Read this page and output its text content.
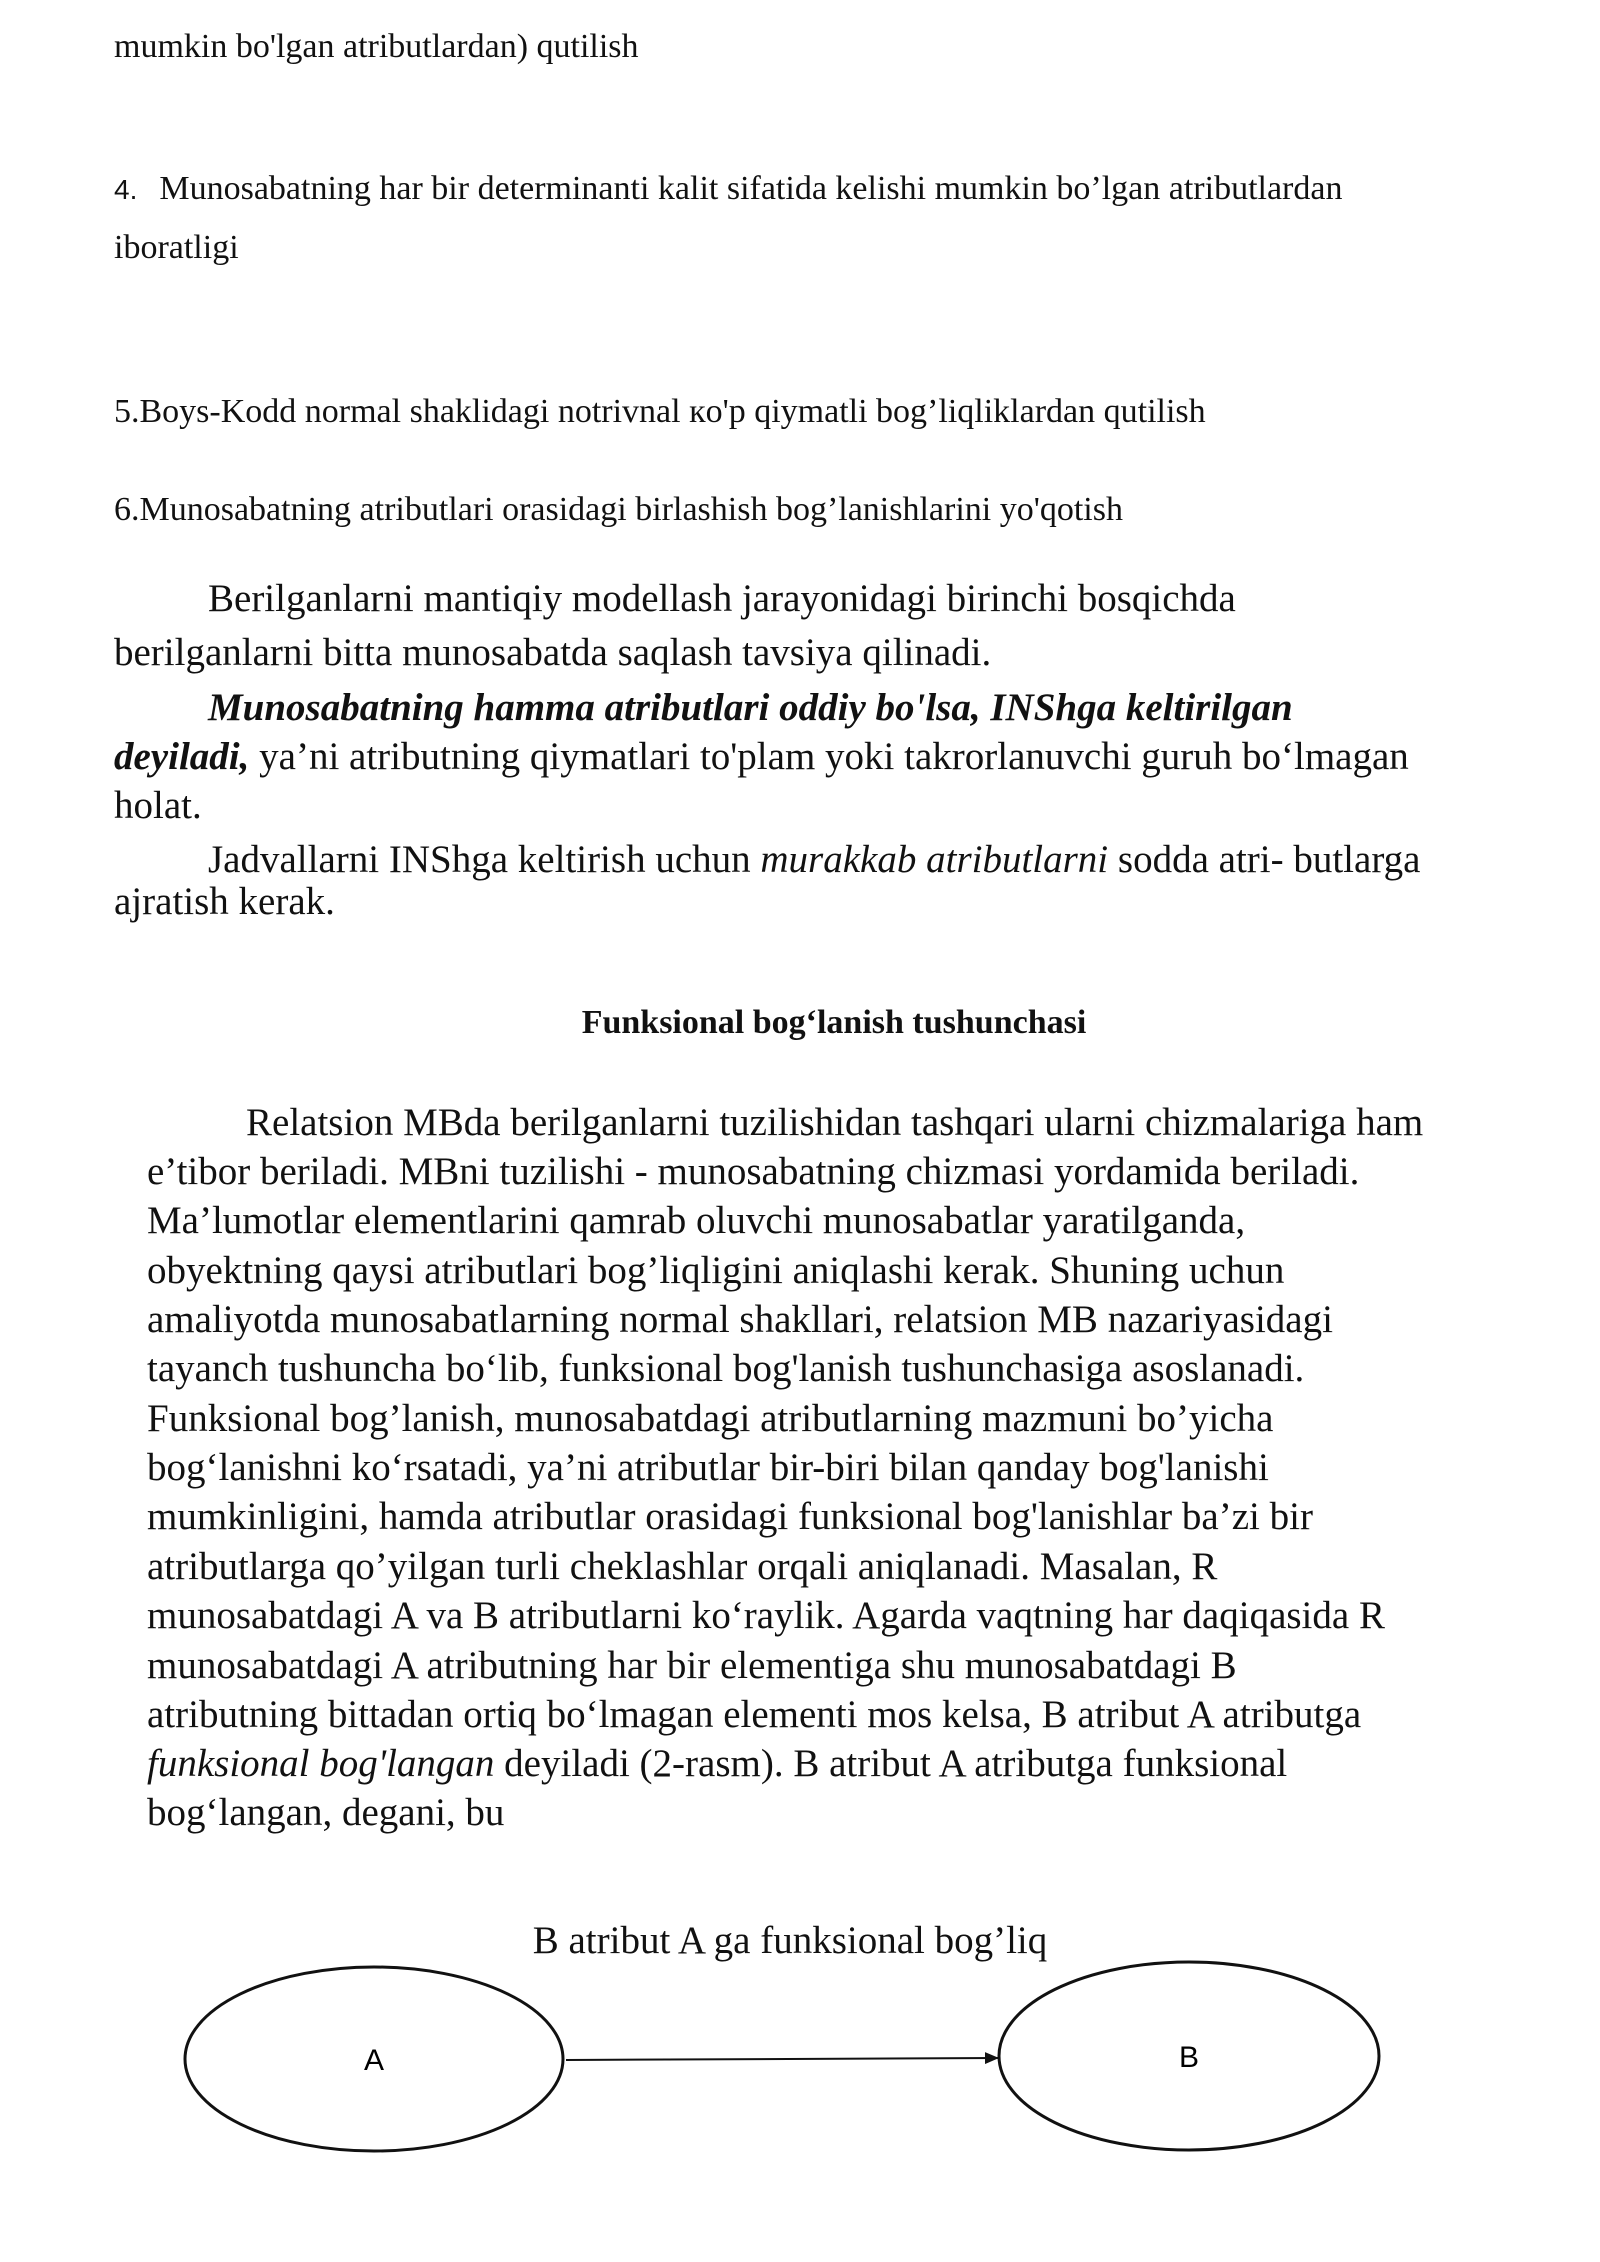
mumkin bo'lgan atributlardan) qutilish
4. Munosabatning har bir determinanti kalit sifatida kelishi mumkin bo’lgan atributlardan
iboratligi
5.Boys-Kodd normal shaklidagi notrivnal кo'p qiymatli bog’liqliklardan qutilish
6.Munosabatning atributlari orasidagi birlashish bog’lanishlarini yo'qotish
Berilganlarni mantiqiy modellash jarayonidagi birinchi bosqichda
berilganlarni bitta munosabatda saqlash tavsiya qilinadi.
Munosabatning hamma atributlari oddiy bo'lsa, INShga keltirilgan
deyiladi, ya’ni atributning qiymatlari to'plam yoki takrorlanuvchi guruh bo‘lmagan
holat.
Jadvallarni INShga keltirish uchun murakkab atributlarni sodda atri- butlarga
ajratish kerak.
Funksional bog‘lanish tushunchasi
Relatsion MBda berilganlarni tuzilishidan tashqari ularni chizmalariga ham
e’tibor beriladi. MBni tuzilishi - munosabatning chizmasi yordamida beriladi.
Ma’lumotlar elementlarini qamrab oluvchi munosabatlar yaratilganda,
obyektning qaysi atributlari bog’liqligini aniqlashi kerak. Shuning uchun
amaliyotda munosabatlarning normal shakllari, relatsion MB nazariyasidagi
tayanch tushuncha bo‘lib, funksional bog'lanish tushunchasiga asoslanadi.
Funksional bog’lanish, munosabatdagi atributlarning mazmuni bo’yicha
bog‘lanishni ko‘rsatadi, ya’ni atributlar bir-biri bilan qanday bog'lanishi
mumkinligini, hamda atributlar orasidagi funksional bog'lanishlar ba’zi bir
atributlarga qo’yilgan turli cheklashlar orqali aniqlanadi. Masalan, R
munosabatdagi A va B atributlarni ko‘raylik. Agarda vaqtning har daqiqasida R
munosabatdagi A atributning har bir elementiga shu munosabatdagi B
atributning bittadan ortiq bo‘lmagan elementi mos kelsa, B atribut A atributga
funksional bog'langan deyiladi (2-rasm). B atribut A atributga funksional
bog‘langan, degani, bu
B atribut A ga funksional bog’liq
A	B
